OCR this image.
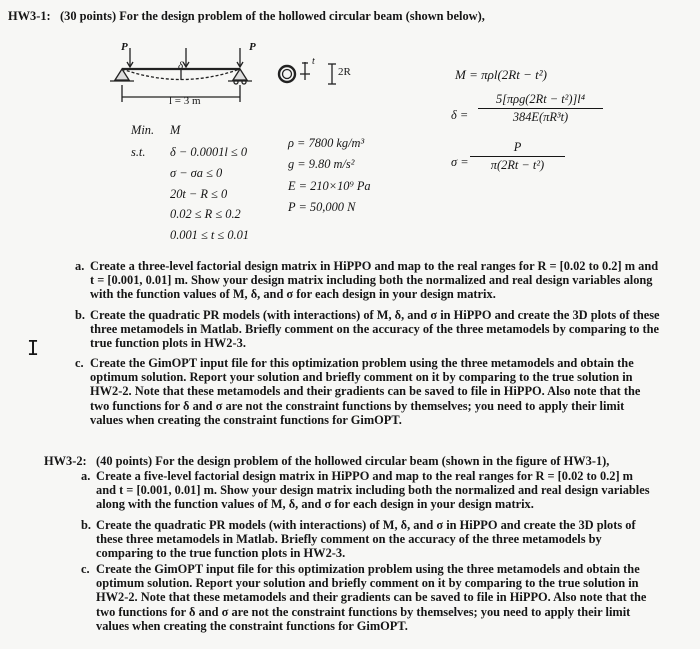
HW3-1: (30 points) For the design problem of the hollowed circular beam (shown below),
P	P
δ
l = 3 m
t
2R
Min. M
s.t. δ − 0.0001l ≤ 0
σ − σa ≤ 0
20t − R ≤ 0
0.02 ≤ R ≤ 0.2
0.001 ≤ t ≤ 0.01
ρ = 7800 kg/m³
g = 9.80 m/s²
E = 210×10⁹ Pa
P = 50,000 N
M = πρl(2Rt − t²)
δ =
5[πρg(2Rt − t²)]l⁴
384E(πR³t)
σ =
P
π(2Rt − t²)
a. Create a three-level factorial design matrix in HiPPO and map to the real ranges for R = [0.02 to 0.2] m and t = [0.001, 0.01] m. Show your design matrix including both the normalized and real design variables along with the function values of M, δ, and σ for each design in your design matrix.
b. Create the quadratic PR models (with interactions) of M, δ, and σ in HiPPO and create the 3D plots of these three metamodels in Matlab. Briefly comment on the accuracy of the three metamodels by comparing to the true function plots in HW2-3.
c. Create the GimOPT input file for this optimization problem using the three metamodels and obtain the optimum solution. Report your solution and briefly comment on it by comparing to the true solution in HW2-2. Note that these metamodels and their gradients can be saved to file in HiPPO. Also note that the two functions for δ and σ are not the constraint functions by themselves; you need to apply their limit values when creating the constraint functions for GimOPT.
I
HW3-2: (40 points) For the design problem of the hollowed circular beam (shown in the figure of HW3-1),
a. Create a five-level factorial design matrix in HiPPO and map to the real ranges for R = [0.02 to 0.2] m and t = [0.001, 0.01] m. Show your design matrix including both the normalized and real design variables along with the function values of M, δ, and σ for each design in your design matrix.
b. Create the quadratic PR models (with interactions) of M, δ, and σ in HiPPO and create the 3D plots of these three metamodels in Matlab. Briefly comment on the accuracy of the three metamodels by comparing to the true function plots in HW2-3.
c. Create the GimOPT input file for this optimization problem using the three metamodels and obtain the optimum solution. Report your solution and briefly comment on it by comparing to the true solution in HW2-2. Note that these metamodels and their gradients can be saved to file in HiPPO. Also note that the two functions for δ and σ are not the constraint functions by themselves; you need to apply their limit values when creating the constraint functions for GimOPT.
